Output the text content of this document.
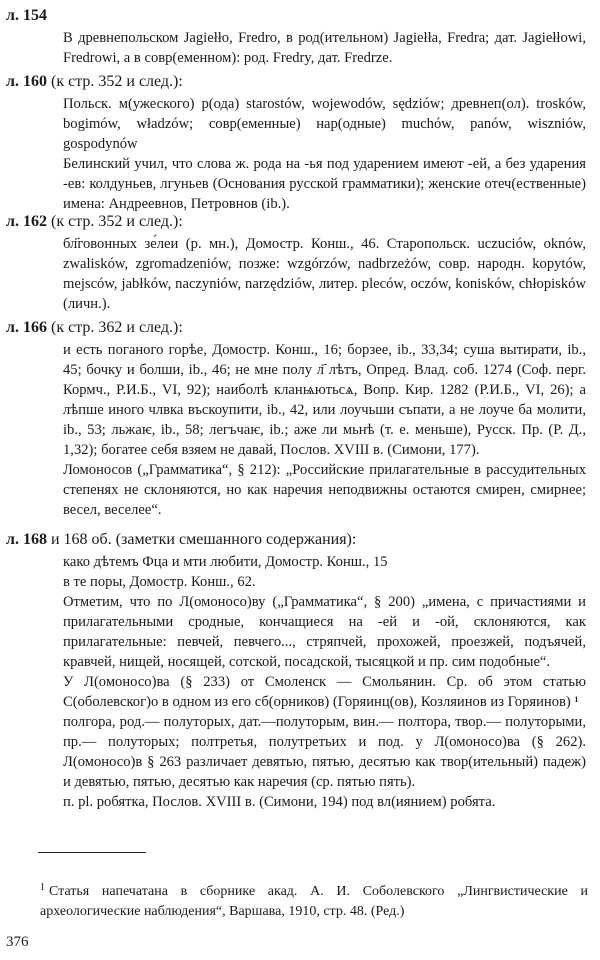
л. 154

В древнепольском Jagiełło, Fredro, в род(ительном) Jagiełła, Fredra; дат. Jagiełłowi, Fredrowi, а в совр(еменном): род. Fredry, дат. Fredrze.

л. 160 (к стр. 352 и след.):

Польск. м(ужеского) р(ода) starostów, wojewodów, sędziów; древнеп(ол). trosków, bogimów, władzów; совр(еменные) нар(одные) muchów, panów, wiszniów, gospodynów

Белинский учил, что слова ж. рода на -ья под ударением имеют -ей, а без ударения -ев: колдуньев, лгуньев (Основания русской грамматики); женские отеч(ественные) имена: Андреевнов, Петровнов (ib.).

л. 162 (к стр. 352 и след.):

бл҃говонных зе́леи (р. мн.), Домостр. Конш., 46. Старопольск. uczuciów, oknów, zwalisków, zgromadzeniów, позже: wzgórzów, nadbrzeżów, совр. народн. kopytów, mejsców, jabłków, naczyniów, narzędziów, литер. pleców, oczów, konisków, chłopisków (личн.).

л. 166 (к стр. 362 и след.):

и есть поганого горѣе, Домостр. Конш., 16; борзее, ib., 33,34; суша вытирати, ib., 45; бочку и болши, ib., 46; не мне полу л҃ лѣтъ, Опред. Влад. соб. 1274 (Соф. перг. Кормч., Р.И.Б., VI, 92); наиболѣ кланѩютьсѧ, Вопр. Кир. 1282 (Р.И.Б., VI, 26); а лѣпше иного члвка въскоупити, ib., 42, или лоучьши съпати, а не лоуче ба молити, ib., 53; льжаѥ, ib., 58; легъчаѥ, ib.; аже ли мьнѣ (т. е. меньше), Русск. Пр. (Р. Д., 1,32); богатее себя взяем не давай, Послов. XVIII в. (Симони, 177).

Ломоносов („Грамматика“, § 212): „Российские прилагательные в рассудительных степенях не склоняются, но как наречия неподвижны остаются смирен, смирнее; весел, веселее“.

л. 168 и 168 об. (заметки смешанного содержания):

како дѣтемъ Фца и мти любити, Домостр. Конш., 15

в те поры, Домостр. Конш., 62.

Отметим, что по Л(омоносо)ву („Грамматика“, § 200) „имена, с причастиями и прилагательными сродные, кончащиеся на -ей и -ой, склоняются, как прилагательные: певчей, певчего..., стряпчей, прохожей, проезжей, подъячей, кравчей, нищей, носящей, сотской, посадской, тысяцкой и пр. сим подобные“.

У Л(омоносо)ва (§ 233) от Смоленск — Смольянин. Ср. об этом статью С(оболевског)о в одном из его сб(орников) (Горяинц(ов), Козляинов из Горяинов) ¹

полгора, род.— полуторых, дат.—полуторым, вин.— полтора, твор.— полуторыми, пр.— полуторых; полтретья, полутретьих и под. у Л(омоносо)ва (§ 262). Л(омоносо)в § 263 различает девятью, пятью, десятью как твор(ительный) падеж) и девятью, пятью, десятью как наречия (ср. пятью пять).

п. pl. робятка, Послов. XVIII в. (Симони, 194) под вл(иянием) робята.

$^1$ Статья напечатана в сборнике акад. А. И. Соболевского „Лингвистические и археологические наблюдения“, Варшава, 1910, стр. 48. (Ред.)
376
